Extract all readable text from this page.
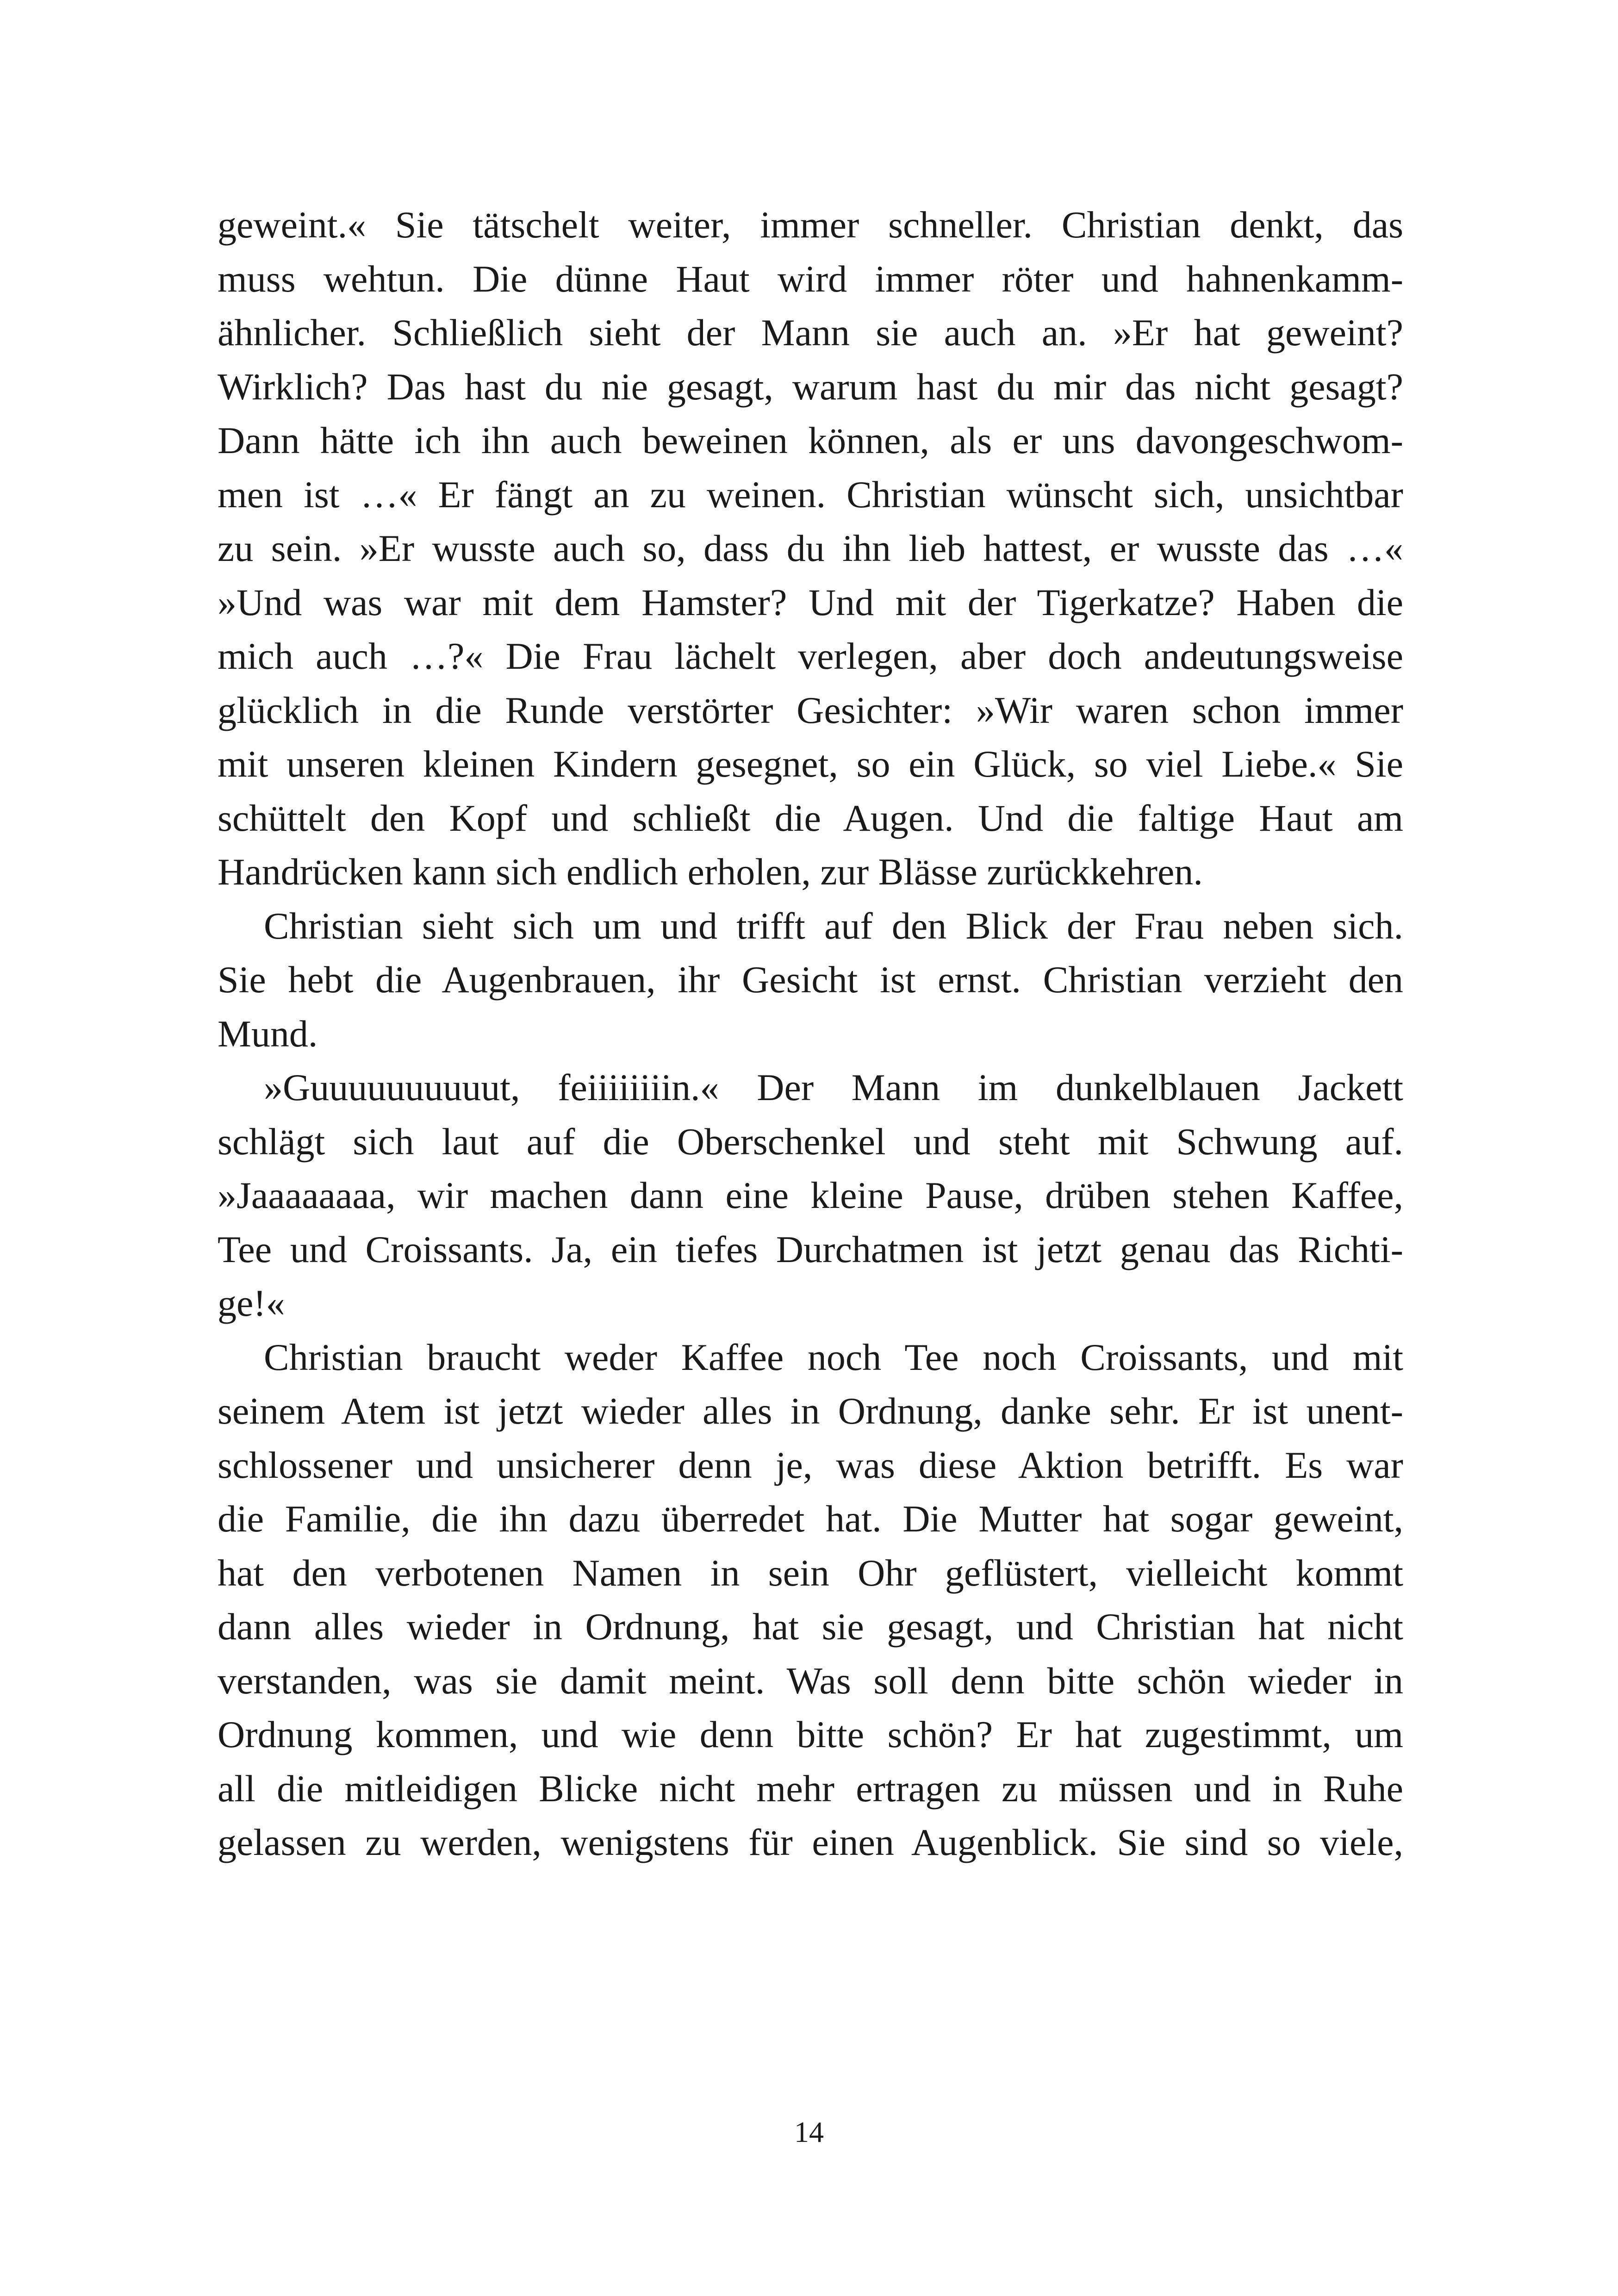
geweint.« Sie tätschelt weiter, immer schneller. Christian denkt, das
muss wehtun. Die dünne Haut wird immer röter und hahnenkamm-
ähnlicher. Schließlich sieht der Mann sie auch an. »Er hat geweint?
Wirklich? Das hast du nie gesagt, warum hast du mir das nicht gesagt?
Dann hätte ich ihn auch beweinen können, als er uns davongeschwom-
men ist …« Er fängt an zu weinen. Christian wünscht sich, unsichtbar
zu sein. »Er wusste auch so, dass du ihn lieb hattest, er wusste das …«
»Und was war mit dem Hamster? Und mit der Tigerkatze? Haben die
mich auch …?« Die Frau lächelt verlegen, aber doch andeutungsweise
glücklich in die Runde verstörter Gesichter: »Wir waren schon immer
mit unseren kleinen Kindern gesegnet, so ein Glück, so viel Liebe.« Sie
schüttelt den Kopf und schließt die Augen. Und die faltige Haut am
Handrücken kann sich endlich erholen, zur Blässe zurückkehren.
Christian sieht sich um und trifft auf den Blick der Frau neben sich.
Sie hebt die Augenbrauen, ihr Gesicht ist ernst. Christian verzieht den
Mund.
»Guuuuuuuuuut, feiiiiiiiin.« Der Mann im dunkelblauen Jackett
schlägt sich laut auf die Oberschenkel und steht mit Schwung auf.
»Jaaaaaaaa, wir machen dann eine kleine Pause, drüben stehen Kaffee,
Tee und Croissants. Ja, ein tiefes Durchatmen ist jetzt genau das Richti-
ge!«
Christian braucht weder Kaffee noch Tee noch Croissants, und mit
seinem Atem ist jetzt wieder alles in Ordnung, danke sehr. Er ist unent-
schlossener und unsicherer denn je, was diese Aktion betrifft. Es war
die Familie, die ihn dazu überredet hat. Die Mutter hat sogar geweint,
hat den verbotenen Namen in sein Ohr geflüstert, vielleicht kommt
dann alles wieder in Ordnung, hat sie gesagt, und Christian hat nicht
verstanden, was sie damit meint. Was soll denn bitte schön wieder in
Ordnung kommen, und wie denn bitte schön? Er hat zugestimmt, um
all die mitleidigen Blicke nicht mehr ertragen zu müssen und in Ruhe
gelassen zu werden, wenigstens für einen Augenblick. Sie sind so viele,
14
